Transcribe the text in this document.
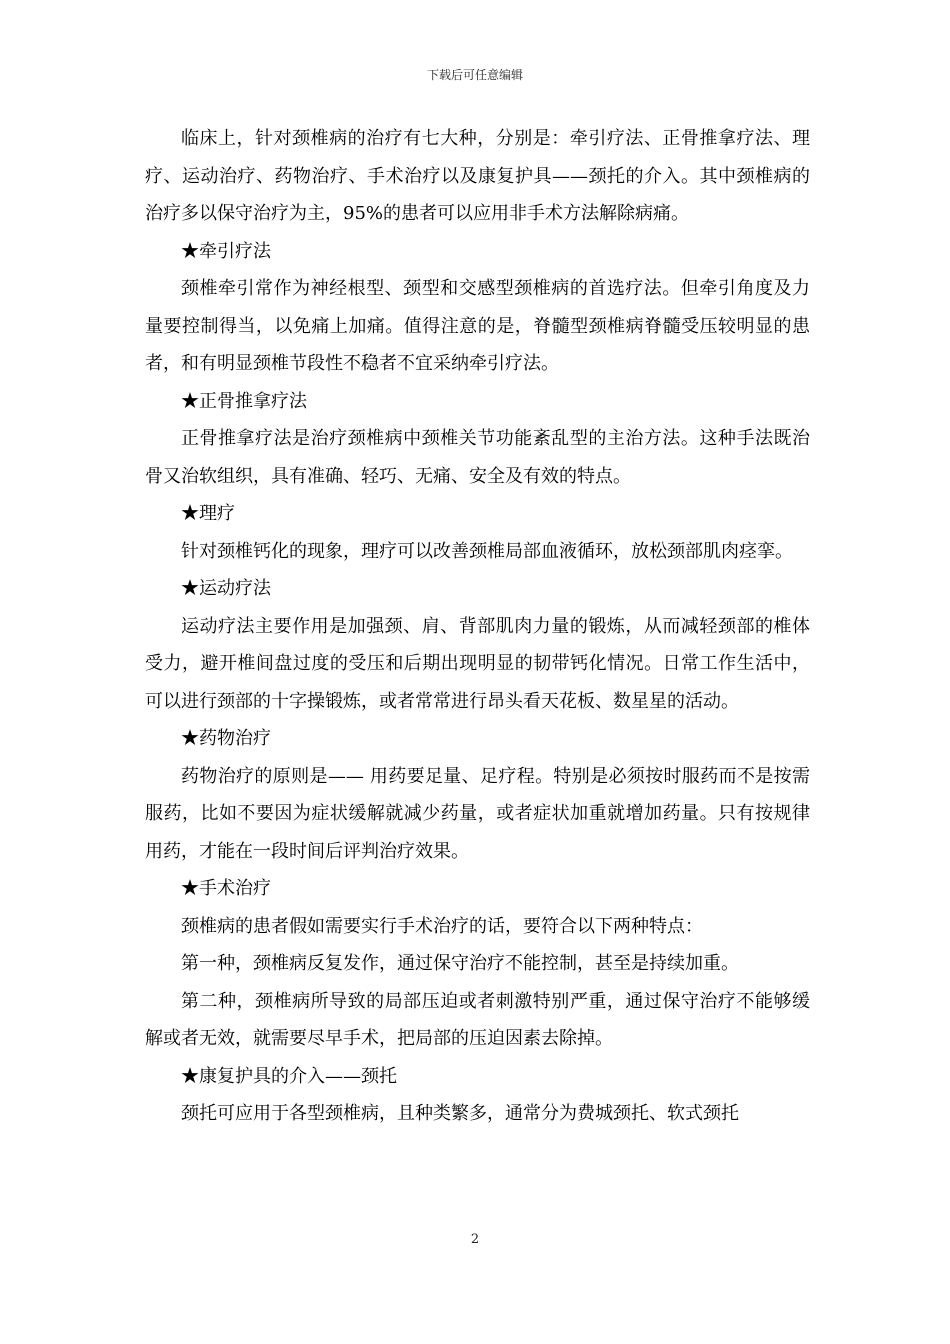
下载后可任意编辑

临床上，针对颈椎病的治疗有七大种，分别是：牵引疗法、正骨推拿疗法、理疗、运动治疗、药物治疗、手术治疗以及康复护具——颈托的介入。其中颈椎病的治疗多以保守治疗为主，95%的患者可以应用非手术方法解除病痛。

★牵引疗法

颈椎牵引常作为神经根型、颈型和交感型颈椎病的首选疗法。但牵引角度及力量要控制得当，以免痛上加痛。值得注意的是，脊髓型颈椎病脊髓受压较明显的患者，和有明显颈椎节段性不稳者不宜采纳牵引疗法。

★正骨推拿疗法

正骨推拿疗法是治疗颈椎病中颈椎关节功能紊乱型的主治方法。这种手法既治骨又治软组织，具有准确、轻巧、无痛、安全及有效的特点。

★理疗

针对颈椎钙化的现象，理疗可以改善颈椎局部血液循环，放松颈部肌肉痉挛。

★运动疗法

运动疗法主要作用是加强颈、肩、背部肌肉力量的锻炼，从而减轻颈部的椎体受力，避开椎间盘过度的受压和后期出现明显的韧带钙化情况。日常工作生活中，可以进行颈部的十字操锻炼，或者常常进行昂头看天花板、数星星的活动。

★药物治疗

药物治疗的原则是—— 用药要足量、足疗程。特别是必须按时服药而不是按需服药，比如不要因为症状缓解就减少药量，或者症状加重就增加药量。只有按规律用药，才能在一段时间后评判治疗效果。

★手术治疗

颈椎病的患者假如需要实行手术治疗的话，要符合以下两种特点：

第一种，颈椎病反复发作，通过保守治疗不能控制，甚至是持续加重。

第二种，颈椎病所导致的局部压迫或者刺激特别严重，通过保守治疗不能够缓解或者无效，就需要尽早手术，把局部的压迫因素去除掉。

★康复护具的介入——颈托

颈托可应用于各型颈椎病，且种类繁多，通常分为费城颈托、软式颈托

2
